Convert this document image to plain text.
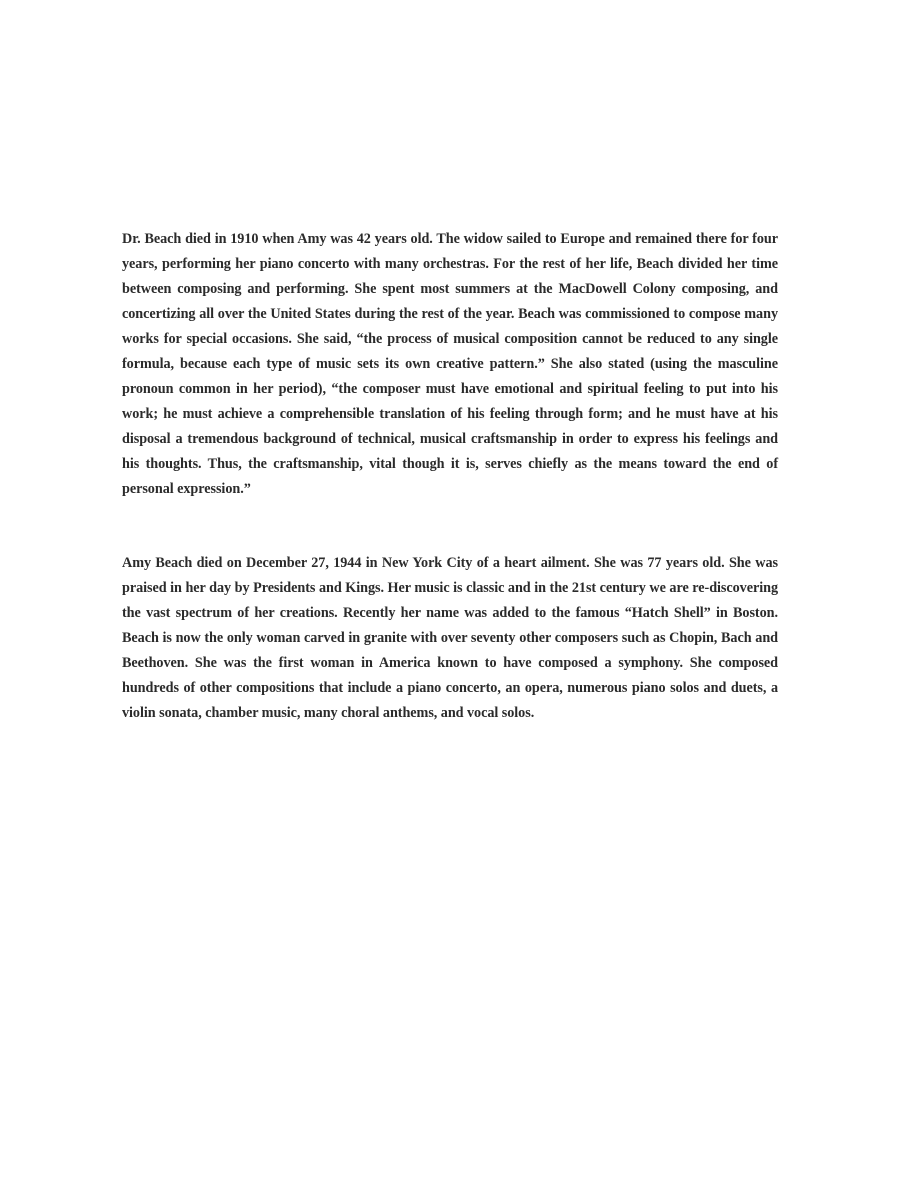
Dr. Beach died in 1910 when Amy was 42 years old. The widow sailed to Europe and remained there for four years, performing her piano concerto with many orchestras. For the rest of her life, Beach divided her time between composing and performing. She spent most summers at the MacDowell Colony composing, and concertizing all over the United States during the rest of the year. Beach was commissioned to compose many works for special occasions. She said, “the process of musical composition cannot be reduced to any single formula, because each type of music sets its own creative pattern.” She also stated (using the masculine pronoun common in her period), “the composer must have emotional and spiritual feeling to put into his work; he must achieve a comprehensible translation of his feeling through form; and he must have at his disposal a tremendous background of technical, musical craftsmanship in order to express his feelings and his thoughts. Thus, the craftsmanship, vital though it is, serves chiefly as the means toward the end of personal expression.”

Amy Beach died on December 27, 1944 in New York City of a heart ailment. She was 77 years old. She was praised in her day by Presidents and Kings. Her music is classic and in the 21st century we are re-discovering the vast spectrum of her creations. Recently her name was added to the famous “Hatch Shell” in Boston. Beach is now the only woman carved in granite with over seventy other composers such as Chopin, Bach and Beethoven. She was the first woman in America known to have composed a symphony. She composed hundreds of other compositions that include a piano concerto, an opera, numerous piano solos and duets, a violin sonata, chamber music, many choral anthems, and vocal solos.
